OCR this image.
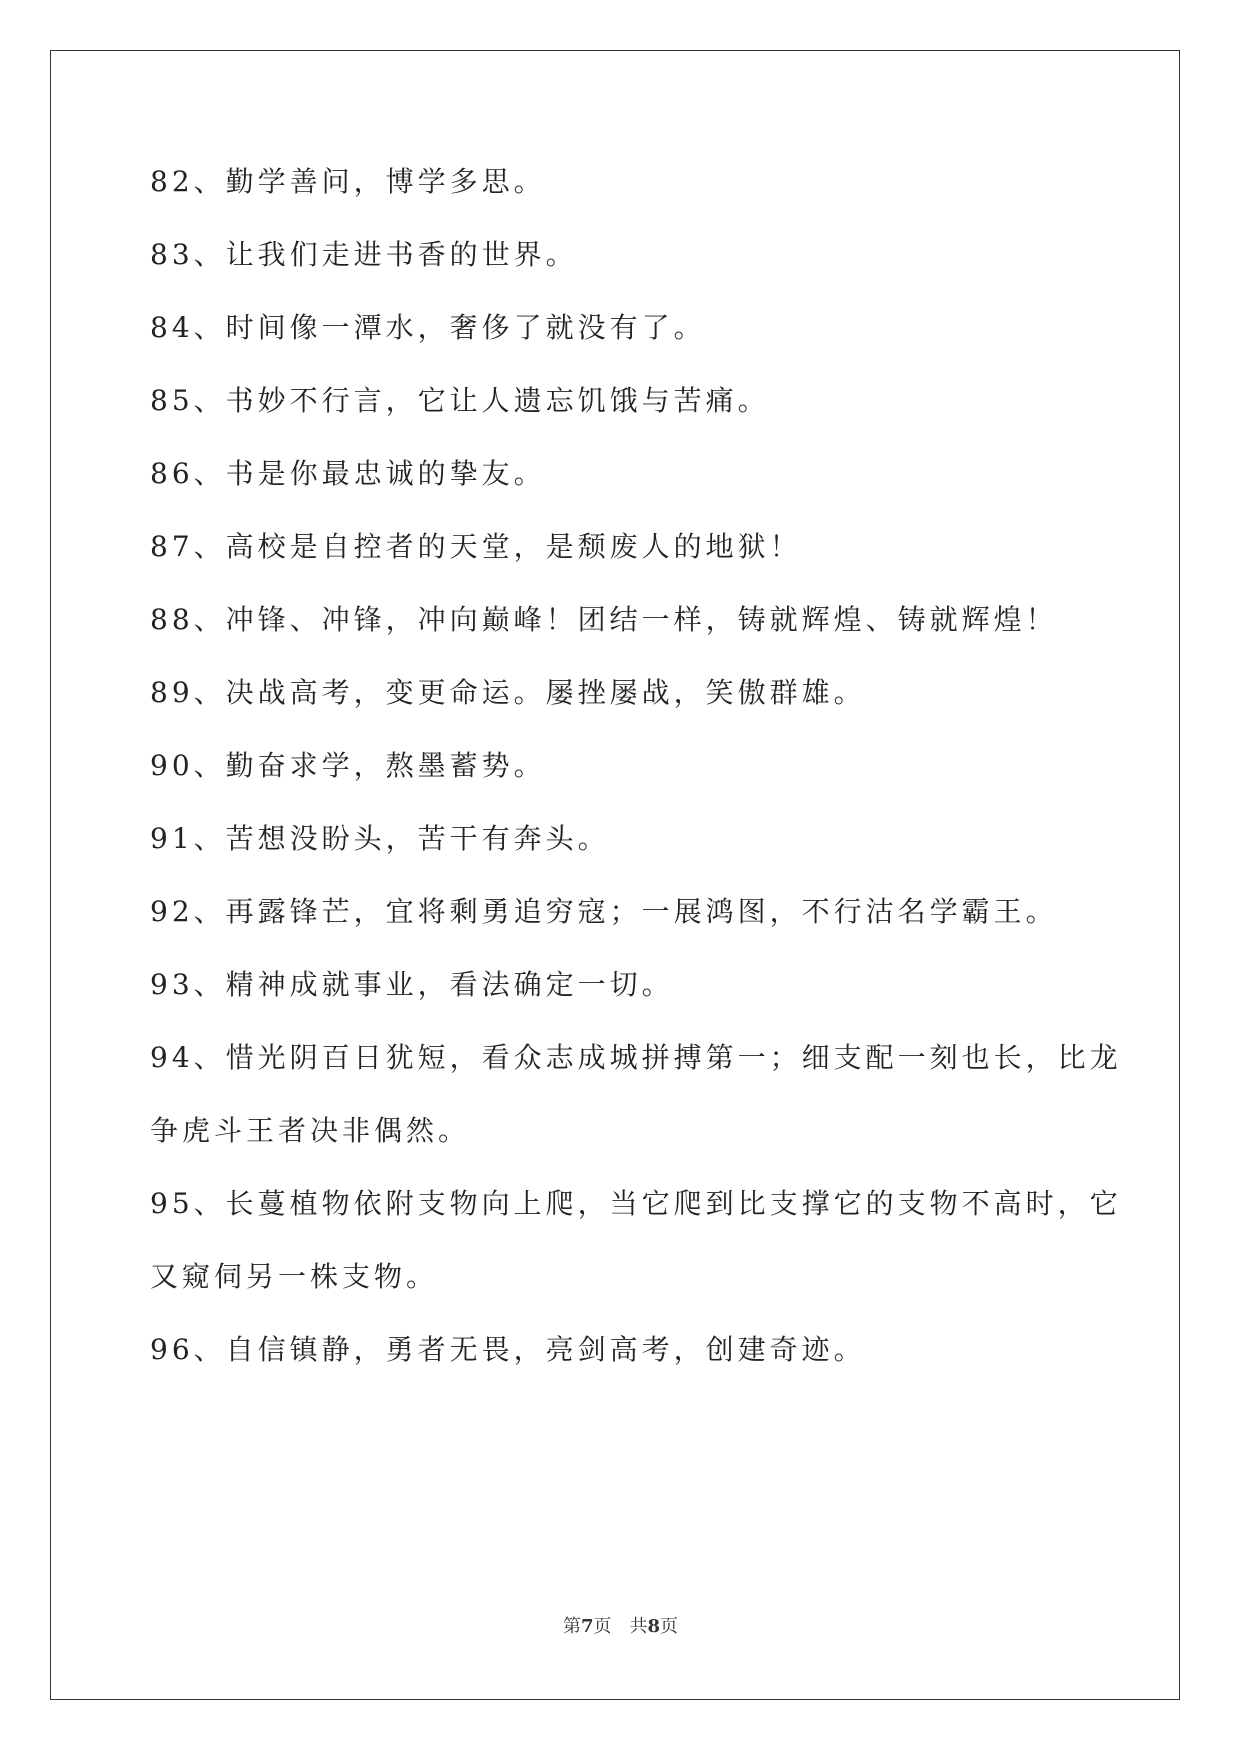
82、勤学善问，博学多思。
83、让我们走进书香的世界。
84、时间像一潭水，奢侈了就没有了。
85、书妙不行言，它让人遗忘饥饿与苦痛。
86、书是你最忠诚的挚友。
87、高校是自控者的天堂，是颓废人的地狱！
88、冲锋、冲锋，冲向巅峰！团结一样，铸就辉煌、铸就辉煌！
89、决战高考，变更命运。屡挫屡战，笑傲群雄。
90、勤奋求学，熬墨蓄势。
91、苦想没盼头，苦干有奔头。
92、再露锋芒，宜将剩勇追穷寇；一展鸿图，不行沽名学霸王。
93、精神成就事业，看法确定一切。
94、惜光阴百日犹短，看众志成城拼搏第一；细支配一刻也长，比龙
争虎斗王者决非偶然。
95、长蔓植物依附支物向上爬，当它爬到比支撑它的支物不高时，它
又窥伺另一株支物。
96、自信镇静，勇者无畏，亮剑高考，创建奇迹。
第7页　共8页
